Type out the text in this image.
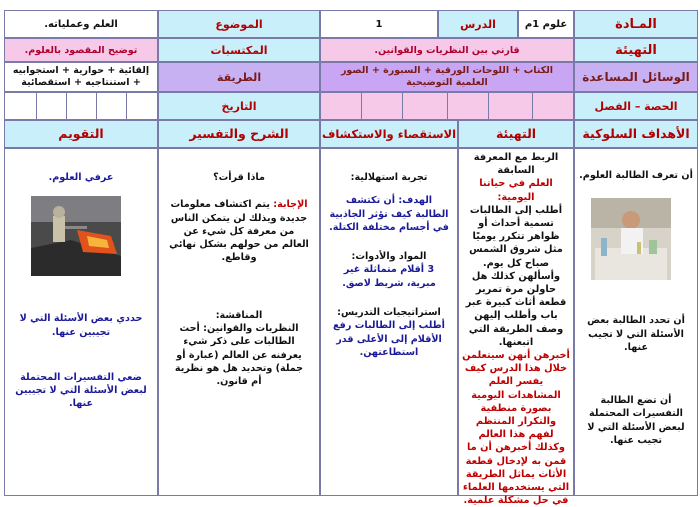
المـادة
علوم 1م
الدرس
1
الموضوع
العلم وعملياته.
التهيئة
قارني بين النظريات والقوانين.
المكتسبات
توضيح المقصود بالعلوم.
الوسائل المساعدة
الكتاب + اللوحات الورقية + السبورة + الصور العلمية التوضيحية
الطريقة
إلقائية + حوارية + استجوابيه + استنتاجيه + استقصائية
الحصة – الفصل
التاريخ
الأهداف السلوكية
التهيئة
الاستقصاء والاستكشاف
الشرح والتفسير
التقويم

أن تعرف الطالبة العلوم.

أن تحدد الطالبة بعض الأسئلة التي لا تجيب عنها.

أن تضع الطالبة التفسيرات المحتملة لبعض الأسئلة التي لا تجيب عنها.

الربط مع المعرفة السابقة

العلم في حياتنا اليومية:

أطلب إلى الطالبات تسمية أحداث أو ظواهر تتكرر يوميًا مثل شروق الشمس صباح كل يوم. وأسألهن كذلك هل حاولن مرة تمرير قطعة أثاث كبيرة عبر باب وأطلب إليهن وصف الطريقة التي اتبعنها.

أخبرهن أنهن سيتعلمن خلال هذا الدرس كيف يفسر العلم المشاهدات اليومية بصورة منطقية والتكرار المنتظم لفهم هذا العالم وكذلك أخبرهن أن ما قمن به لإدخال قطعة الأثاث يماثل الطريقة التي يستخدمها العلماء في حل مشكلة علمية.

تجربة استهلالية:

الهدف: أن تكتشف الطالبة كيف تؤثر الجاذبية في أجسام مختلفة الكتلة.

المواد والأدوات:

3 أقلام متماثلة غير مبرية، شريط لاصق.

استراتيجيات التدريس:

أطلب إلى الطالبات رفع الأقلام إلى الأعلى قدر استطاعتهن.

ماذا قرأت؟

الإجابة: يتم اكتشاف معلومات جديدة ويذلك لن يتمكن الناس من معرفة كل شيء عن العالم من حولهم بشكل نهائي وقاطع.

المناقشة:

النظريات والقوانين: أحث الطالبات على ذكر شيء يعرفنه عن العالم (عبارة أو جملة) وتحديد هل هو نظرية أم قانون.

عرفي العلوم.

حددي بعض الأسئلة التي لا تجيبين عنها.

ضعي التفسيرات المحتملة لبعض الأسئلة التي لا تجيبين عنها.
